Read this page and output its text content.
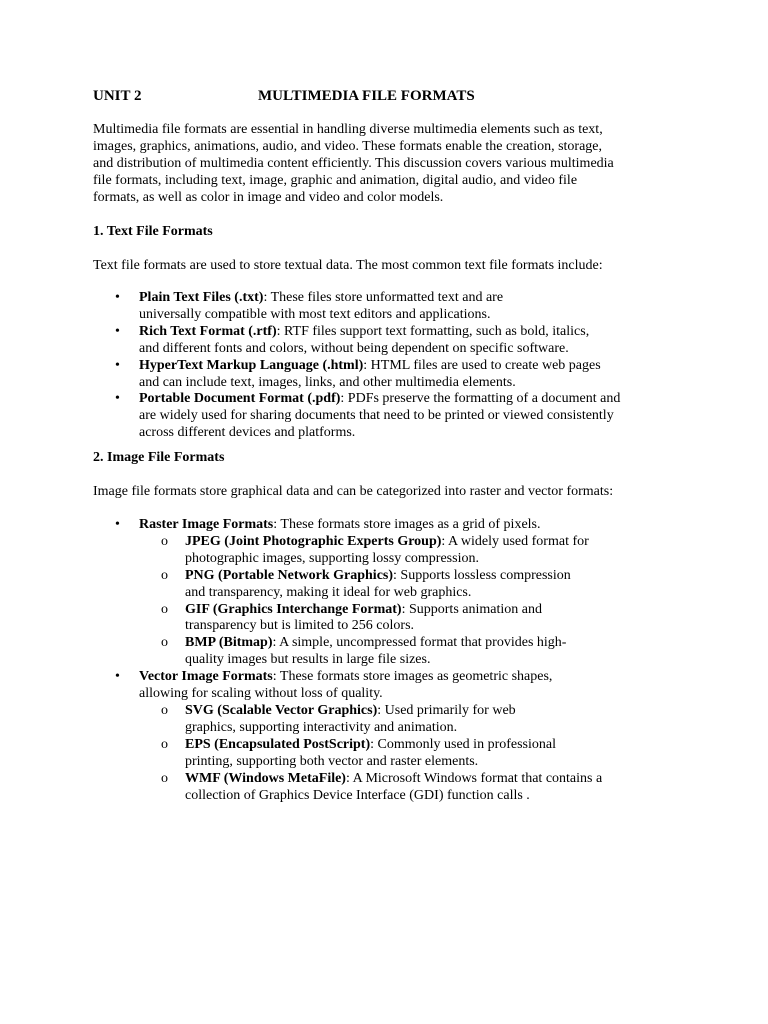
UNIT 2	MULTIMEDIA FILE FORMATS
Multimedia file formats are essential in handling diverse multimedia elements such as text,
images, graphics, animations, audio, and video. These formats enable the creation, storage,
and distribution of multimedia content efficiently. This discussion covers various multimedia
file formats, including text, image, graphic and animation, digital audio, and video file
formats, as well as color in image and video and color models.
1. Text File Formats
Text file formats are used to store textual data. The most common text file formats include:
• Plain Text Files (.txt): These files store unformatted text and are
universally compatible with most text editors and applications.
• Rich Text Format (.rtf): RTF files support text formatting, such as bold, italics,
and different fonts and colors, without being dependent on specific software.
• HyperText Markup Language (.html): HTML files are used to create web pages
and can include text, images, links, and other multimedia elements.
• Portable Document Format (.pdf): PDFs preserve the formatting of a document and
are widely used for sharing documents that need to be printed or viewed consistently
across different devices and platforms.
2. Image File Formats
Image file formats store graphical data and can be categorized into raster and vector formats:
• Raster Image Formats: These formats store images as a grid of pixels.
o JPEG (Joint Photographic Experts Group): A widely used format for
photographic images, supporting lossy compression.
o PNG (Portable Network Graphics): Supports lossless compression
and transparency, making it ideal for web graphics.
o GIF (Graphics Interchange Format): Supports animation and
transparency but is limited to 256 colors.
o BMP (Bitmap): A simple, uncompressed format that provides high-
quality images but results in large file sizes.
• Vector Image Formats: These formats store images as geometric shapes,
allowing for scaling without loss of quality.
o SVG (Scalable Vector Graphics): Used primarily for web
graphics, supporting interactivity and animation.
o EPS (Encapsulated PostScript): Commonly used in professional
printing, supporting both vector and raster elements.
o WMF (Windows MetaFile): A Microsoft Windows format that contains a
collection of Graphics Device Interface (GDI) function calls .
